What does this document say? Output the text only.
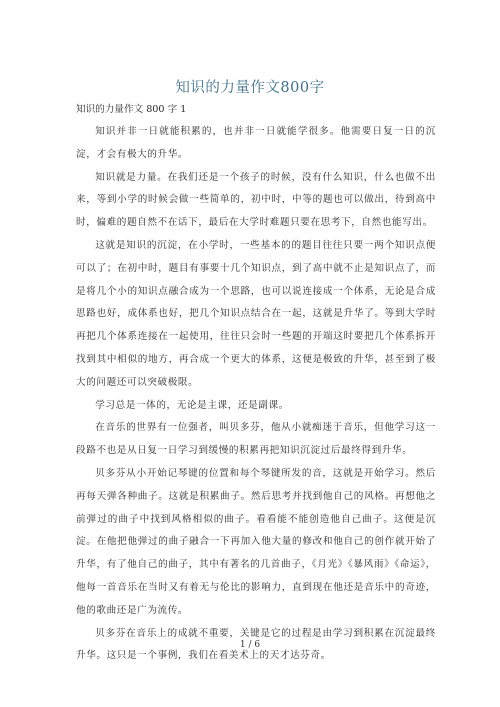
知识的力量作文800字
知识的力量作文 800 字 1

知识并非一日就能积累的，也并非一日就能学很多。他需要日复一日的沉淀，才会有极大的升华。

知识就是力量。在我们还是一个孩子的时候，没有什么知识，什么也做不出来，等到小学的时候会做一些简单的，初中时，中等的题也可以做出，待到高中时，偏难的题自然不在话下，最后在大学时难题只要在思考下，自然也能写出。

这就是知识的沉淀，在小学时，一些基本的的题目往往只要一两个知识点便可以了；在初中时，题目有事要十几个知识点，到了高中就不止是知识点了，而是将几个小的知识点融合成为一个思路，也可以说连接成一个体系，无论是合成思路也好，成体系也好，把几个知识点结合在一起，这就是升华了。等到大学时再把几个体系连接在一起使用，往往只会时一些题的开端这时要把几个体系拆开找到其中相似的地方，再合成一个更大的体系，这便是极致的升华，甚至到了极大的问题还可以突破极限。

学习总是一体的，无论是主课，还是副课。

在音乐的世界有一位强者，叫贝多芬，他从小就痴迷于音乐，但他学习这一段路不也是从日复一日学习到缓慢的积累再把知识沉淀过后最终得到升华。

贝多芬从小开始记琴键的位置和每个琴键所发的音，这就是开始学习。然后再每天弹各种曲子。这就是积累曲子。然后思考并找到他自己的风格。再想他之前弹过的曲子中找到风格相似的曲子。看看能不能创造他自己曲子。这便是沉淀。在他把他弹过的曲子融合一下再加入他大量的修改和他自己的创作就开始了升华，有了他自己的曲子，其中有著名的几首曲子，《月光》《暴风雨》《命运》，他每一首音乐在当时又有着无与伦比的影响力，直到现在他还是音乐中的奇迹，他的歌曲还是广为流传。

贝多芬在音乐上的成就不重要，关键是它的过程是由学习到积累在沉淀最终升华。这只是一个事例，我们在看美术上的天才达芬奇。

1 / 6
